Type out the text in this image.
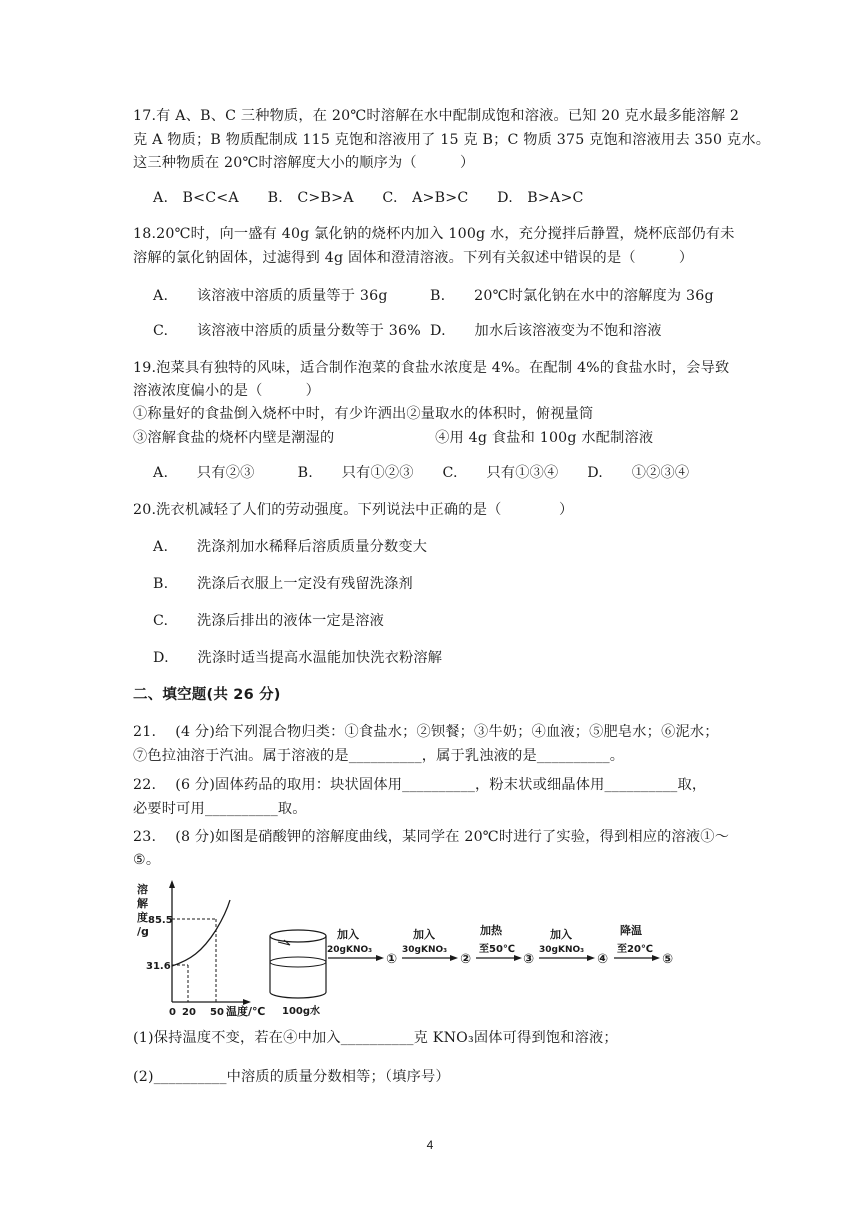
17.有 A、B、C 三种物质，在 20℃时溶解在水中配制成饱和溶液。已知 20 克水最多能溶解 2
克 A 物质；B 物质配制成 115 克饱和溶液用了 15 克 B；C 物质 375 克饱和溶液用去 350 克水。
这三种物质在 20℃时溶解度大小的顺序为（　　　）
A.　B<C<A　　B.　C>B>A　　C.　A>B>C　　D.　B>A>C
18.20℃时，向一盛有 40g 氯化钠的烧杯内加入 100g 水，充分搅拌后静置，烧杯底部仍有未
溶解的氯化钠固体，过滤得到 4g 固体和澄清溶液。下列有关叙述中错误的是（　　　）
A.　　该溶液中溶质的质量等于 36g	B.　　20℃时氯化钠在水中的溶解度为 36g
C.　　该溶液中溶质的质量分数等于 36% D.　　加水后该溶液变为不饱和溶液
19.泡菜具有独特的风味，适合制作泡菜的食盐水浓度是 4%。在配制 4%的食盐水时，会导致
溶液浓度偏小的是（　　　）
①称量好的食盐倒入烧杯中时，有少许洒出②量取水的体积时，俯视量筒
③溶解食盐的烧杯内壁是潮湿的　　　　　　　④用 4g 食盐和 100g 水配制溶液
A.　　只有②③　　　B.　　只有①②③　　C.　　只有①③④　　D.　　①②③④
20.洗衣机减轻了人们的劳动强度。下列说法中正确的是（　　　　）
A.　　洗涤剂加水稀释后溶质质量分数变大
B.　　洗涤后衣服上一定没有残留洗涤剂
C.　　洗涤后排出的液体一定是溶液
D.　　洗涤时适当提高水温能加快洗衣粉溶解
二、填空题(共 26 分)
21.　 (4 分)给下列混合物归类：①食盐水；②钡餐；③牛奶；④血液；⑤肥皂水；⑥泥水；
⑦色拉油溶于汽油。属于溶液的是__________，属于乳浊液的是__________。
22.　 (6 分)固体药品的取用：块状固体用__________，粉末状或细晶体用__________取，
必要时可用__________取。
23.　 (8 分)如图是硝酸钾的溶解度曲线，某同学在 20℃时进行了实验，得到相应的溶液①～
⑤。
溶
解
度
/g
85.5
31.6
0 20 50 温度/℃ 100g水
加入
20gKNO₃
①
加入
30gKNO₃
②
加热
至50℃
③
加入
30gKNO₃
④
降温
至20℃
⑤
(1)保持温度不变，若在④中加入__________克 KNO₃固体可得到饱和溶液；
(2)__________中溶质的质量分数相等；（填序号）
4
